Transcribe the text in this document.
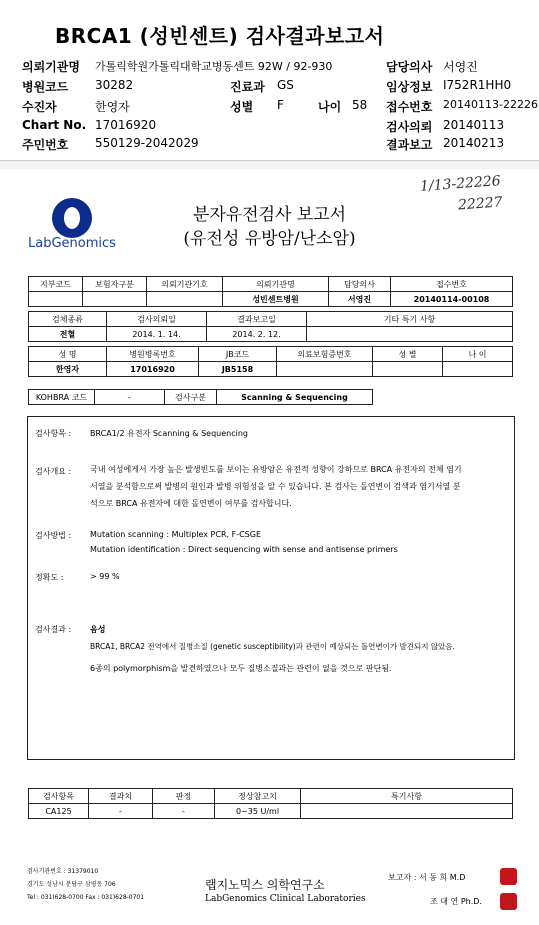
BRCA1 (성빈센트) 검사결과보고서
의뢰기관명 가톨릭학원가톨릭대학교병동센트 92W / 92-930
병원코드 30282
수진자	한영자
Chart No. 17016920
주민번호 550129-2042029
진료과 GS
성별 F	나이 58
담당의사 서영진
임상정보 I752R1HH0
접수번호 20140113-22226
검사의뢰 20140113
결과보고 20140213
LabGenomics
분자유전검사 보고서
(유전성 유방암/난소암)
1/13-22226
22227
지부코드	보험자구분	의뢰기관기호	의뢰기관명	담당의사	접수번호
			성빈센트병원	서영진	20140114-00108
검체종류	검사의뢰일	결과보고일	기타 특기 사항
전혈	2014. 1. 14.	2014. 2. 12.	
성 명	병원병록번호	JB코드	의료보험증번호	성 별	나 이
한영자	17016920	JB5158			
KOHBRA 코드	-	검사구분	Scanning & Sequencing
검사항목 : BRCA1/2 유전자 Scanning & Sequencing
검사개요 : 국내 여성에게서 가장 높은 발생빈도를 보이는 유방암은 유전적 성향이 강하므로 BRCA 유전자의 전체 염기
서열을 분석함으로써 발병의 원인과 발병 위험성을 알 수 있습니다. 본 검사는 돌연변이 검색과 염기서열 분
석으로 BRCA 유전자에 대한 돌연변이 여부를 검사합니다.
검사방법 : Mutation scanning : Multiplex PCR, F-CSGE
Mutation identification : Direct sequencing with sense and antisense primers
정확도 :	> 99 %
검사결과 : 음성
BRCA1, BRCA2 전역에서 질병소질 (genetic susceptibility)과 관련이 예상되는 돌연변이가 발견되지 않았음.
6종의 polymorphism을 발견하였으나 모두 질병소질과는 관련이 없을 것으로 판단됨.
검사항목	결과치	판정	정상참고치	특기사항
CA125	-	-	0~35 U/ml	
검사기관번호 : 31379010
경기도 성남시 분당구 삼평동 706
Tel : 031)628-0700 Fax : 031)628-0701
랩지노믹스 의학연구소
LabGenomics Clinical Laboratories
보고자 : 서 동 희 M.D
조 대 연 Ph.D.
